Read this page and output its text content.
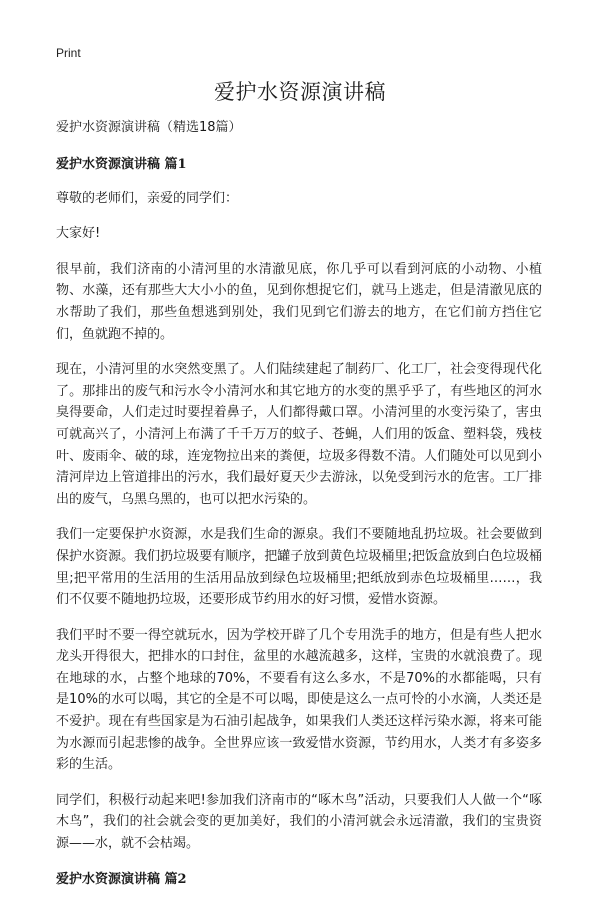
Print
爱护水资源演讲稿

爱护水资源演讲稿（精选18篇）

爱护水资源演讲稿 篇1

尊敬的老师们，亲爱的同学们：

大家好!

很早前，我们济南的小清河里的水清澈见底，你几乎可以看到河底的小动物、小植物、水藻，还有那些大大小小的鱼，见到你想捉它们，就马上逃走，但是清澈见底的水帮助了我们，那些鱼想逃到别处，我们见到它们游去的地方，在它们前方挡住它们，鱼就跑不掉的。

现在，小清河里的水突然变黑了。人们陆续建起了制药厂、化工厂，社会变得现代化了。那排出的废气和污水令小清河水和其它地方的水变的黑乎乎了，有些地区的河水臭得要命，人们走过时要捏着鼻子，人们都得戴口罩。小清河里的水变污染了，害虫可就高兴了，小清河上布满了千千万万的蚊子、苍蝇，人们用的饭盒、塑料袋，残枝叶、废雨伞、破的球，连宠物拉出来的粪便，垃圾多得数不清。人们随处可以见到小清河岸边上管道排出的污水，我们最好夏天少去游泳，以免受到污水的危害。工厂排出的废气，乌黑乌黑的，也可以把水污染的。

我们一定要保护水资源，水是我们生命的源泉。我们不要随地乱扔垃圾。社会要做到保护水资源。我们扔垃圾要有顺序，把罐子放到黄色垃圾桶里;把饭盒放到白色垃圾桶里;把平常用的生活用的生活用品放到绿色垃圾桶里;把纸放到赤色垃圾桶里……，我们不仅要不随地扔垃圾，还要形成节约用水的好习惯，爱惜水资源。

我们平时不要一得空就玩水，因为学校开辟了几个专用洗手的地方，但是有些人把水龙头开得很大，把排水的口封住，盆里的水越流越多，这样，宝贵的水就浪费了。现在地球的水，占整个地球的70%，不要看有这么多水，不是70%的水都能喝，只有是10%的水可以喝，其它的全是不可以喝，即使是这么一点可怜的小水滴，人类还是不爱护。现在有些国家是为石油引起战争，如果我们人类还这样污染水源，将来可能为水源而引起悲惨的战争。全世界应该一致爱惜水资源，节约用水，人类才有多姿多彩的生活。

同学们，积极行动起来吧!参加我们济南市的“啄木鸟”活动，只要我们人人做一个“啄木鸟”，我们的社会就会变的更加美好，我们的小清河就会永远清澈，我们的宝贵资源——水，就不会枯竭。

爱护水资源演讲稿 篇2
